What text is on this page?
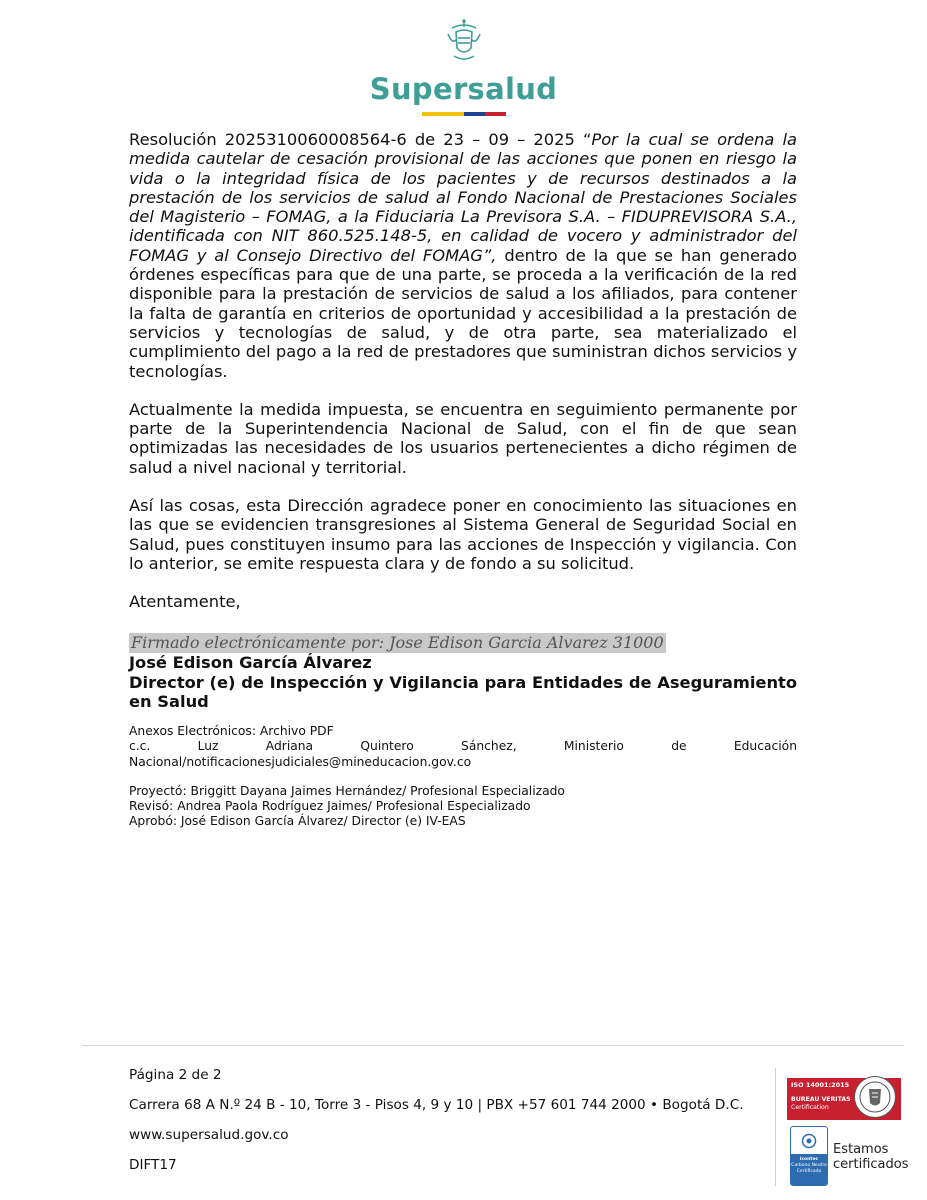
Supersalud

Resolución 2025310060008564-6 de 23 – 09 – 2025 “Por la cual se ordena la medida cautelar de cesación provisional de las acciones que ponen en riesgo la vida o la integridad física de los pacientes y de recursos destinados a la prestación de los servicios de salud al Fondo Nacional de Prestaciones Sociales del Magisterio – FOMAG, a la Fiduciaria La Previsora S.A. – FIDUPREVISORA S.A., identificada con NIT 860.525.148-5, en calidad de vocero y administrador del FOMAG y al Consejo Directivo del FOMAG”, dentro de la que se han generado órdenes específicas para que de una parte, se proceda a la verificación de la red disponible para la prestación de servicios de salud a los afiliados, para contener la falta de garantía en criterios de oportunidad y accesibilidad a la prestación de servicios y tecnologías de salud, y de otra parte, sea materializado el cumplimiento del pago a la red de prestadores que suministran dichos servicios y tecnologías.

Actualmente la medida impuesta, se encuentra en seguimiento permanente por parte de la Superintendencia Nacional de Salud, con el fin de que sean optimizadas las necesidades de los usuarios pertenecientes a dicho régimen de salud a nivel nacional y territorial.

Así las cosas, esta Dirección agradece poner en conocimiento las situaciones en las que se evidencien transgresiones al Sistema General de Seguridad Social en Salud, pues constituyen insumo para las acciones de Inspección y vigilancia. Con lo anterior, se emite respuesta clara y de fondo a su solicitud.

Atentamente,

Firmado electrónicamente por: Jose Edison Garcia Alvarez 31000
José Edison García Álvarez
Director (e) de Inspección y Vigilancia para Entidades de Aseguramiento en Salud
Anexos Electrónicos: Archivo PDF
c.c. Luz Adriana Quintero Sánchez, Ministerio de Educación Nacional/notificacionesjudiciales@mineducacion.gov.co
Proyectó: Briggitt Dayana Jaimes Hernández/ Profesional Especializado
Revisó: Andrea Paola Rodríguez Jaimes/ Profesional Especializado
Aprobó: José Edison García Álvarez/ Director (e) IV-EAS
Página 2 de 2
Carrera 68 A N.º 24 B - 10, Torre 3 - Pisos 4, 9 y 10 | PBX +57 601 744 2000 • Bogotá D.C.
www.supersalud.gov.co
DIFT17
ISO 14001:2015
BUREAU VERITAS
Certification
icontec
Carbono Neutro Certificado
Estamos certificados
